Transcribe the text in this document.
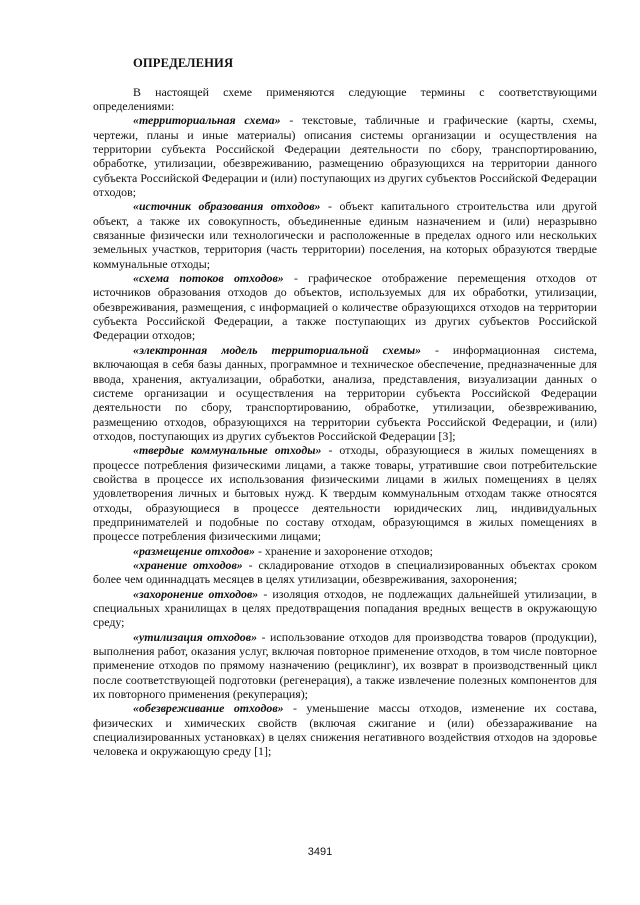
ОПРЕДЕЛЕНИЯ

В настоящей схеме применяются следующие термины с соответствующими определениями:

«территориальная схема» - текстовые, табличные и графические (карты, схемы, чертежи, планы и иные материалы) описания системы организации и осуществления на территории субъекта Российской Федерации деятельности по сбору, транспортированию, обработке, утилизации, обезвреживанию, размещению образующихся на территории данного субъекта Российской Федерации и (или) поступающих из других субъектов Российской Федерации отходов;

«источник образования отходов» - объект капитального строительства или другой объект, а также их совокупность, объединенные единым назначением и (или) неразрывно связанные физически или технологически и расположенные в пределах одного или нескольких земельных участков, территория (часть территории) поселения, на которых образуются твердые коммунальные отходы;

«схема потоков отходов» - графическое отображение перемещения отходов от источников образования отходов до объектов, используемых для их обработки, утилизации, обезвреживания, размещения, с информацией о количестве образующихся отходов на территории субъекта Российской Федерации, а также поступающих из других субъектов Российской Федерации отходов;

«электронная модель территориальной схемы» - информационная система, включающая в себя базы данных, программное и техническое обеспечение, предназначенные для ввода, хранения, актуализации, обработки, анализа, представления, визуализации данных о системе организации и осуществления на территории субъекта Российской Федерации деятельности по сбору, транспортированию, обработке, утилизации, обезвреживанию, размещению отходов, образующихся на территории субъекта Российской Федерации, и (или) отходов, поступающих из других субъектов Российской Федерации [3];

«твердые коммунальные отходы» - отходы, образующиеся в жилых помещениях в процессе потребления физическими лицами, а также товары, утратившие свои потребительские свойства в процессе их использования физическими лицами в жилых помещениях в целях удовлетворения личных и бытовых нужд. К твердым коммунальным отходам также относятся отходы, образующиеся в процессе деятельности юридических лиц, индивидуальных предпринимателей и подобные по составу отходам, образующимся в жилых помещениях в процессе потребления физическими лицами;

«размещение отходов» - хранение и захоронение отходов;

«хранение отходов» - складирование отходов в специализированных объектах сроком более чем одиннадцать месяцев в целях утилизации, обезвреживания, захоронения;

«захоронение отходов» - изоляция отходов, не подлежащих дальнейшей утилизации, в специальных хранилищах в целях предотвращения попадания вредных веществ в окружающую среду;

«утилизация отходов» - использование отходов для производства товаров (продукции), выполнения работ, оказания услуг, включая повторное применение отходов, в том числе повторное применение отходов по прямому назначению (рециклинг), их возврат в производственный цикл после соответствующей подготовки (регенерация), а также извлечение полезных компонентов для их повторного применения (рекуперация);

«обезвреживание отходов» - уменьшение массы отходов, изменение их состава, физических и химических свойств (включая сжигание и (или) обеззараживание на специализированных установках) в целях снижения негативного воздействия отходов на здоровье человека и окружающую среду [1];

3491
